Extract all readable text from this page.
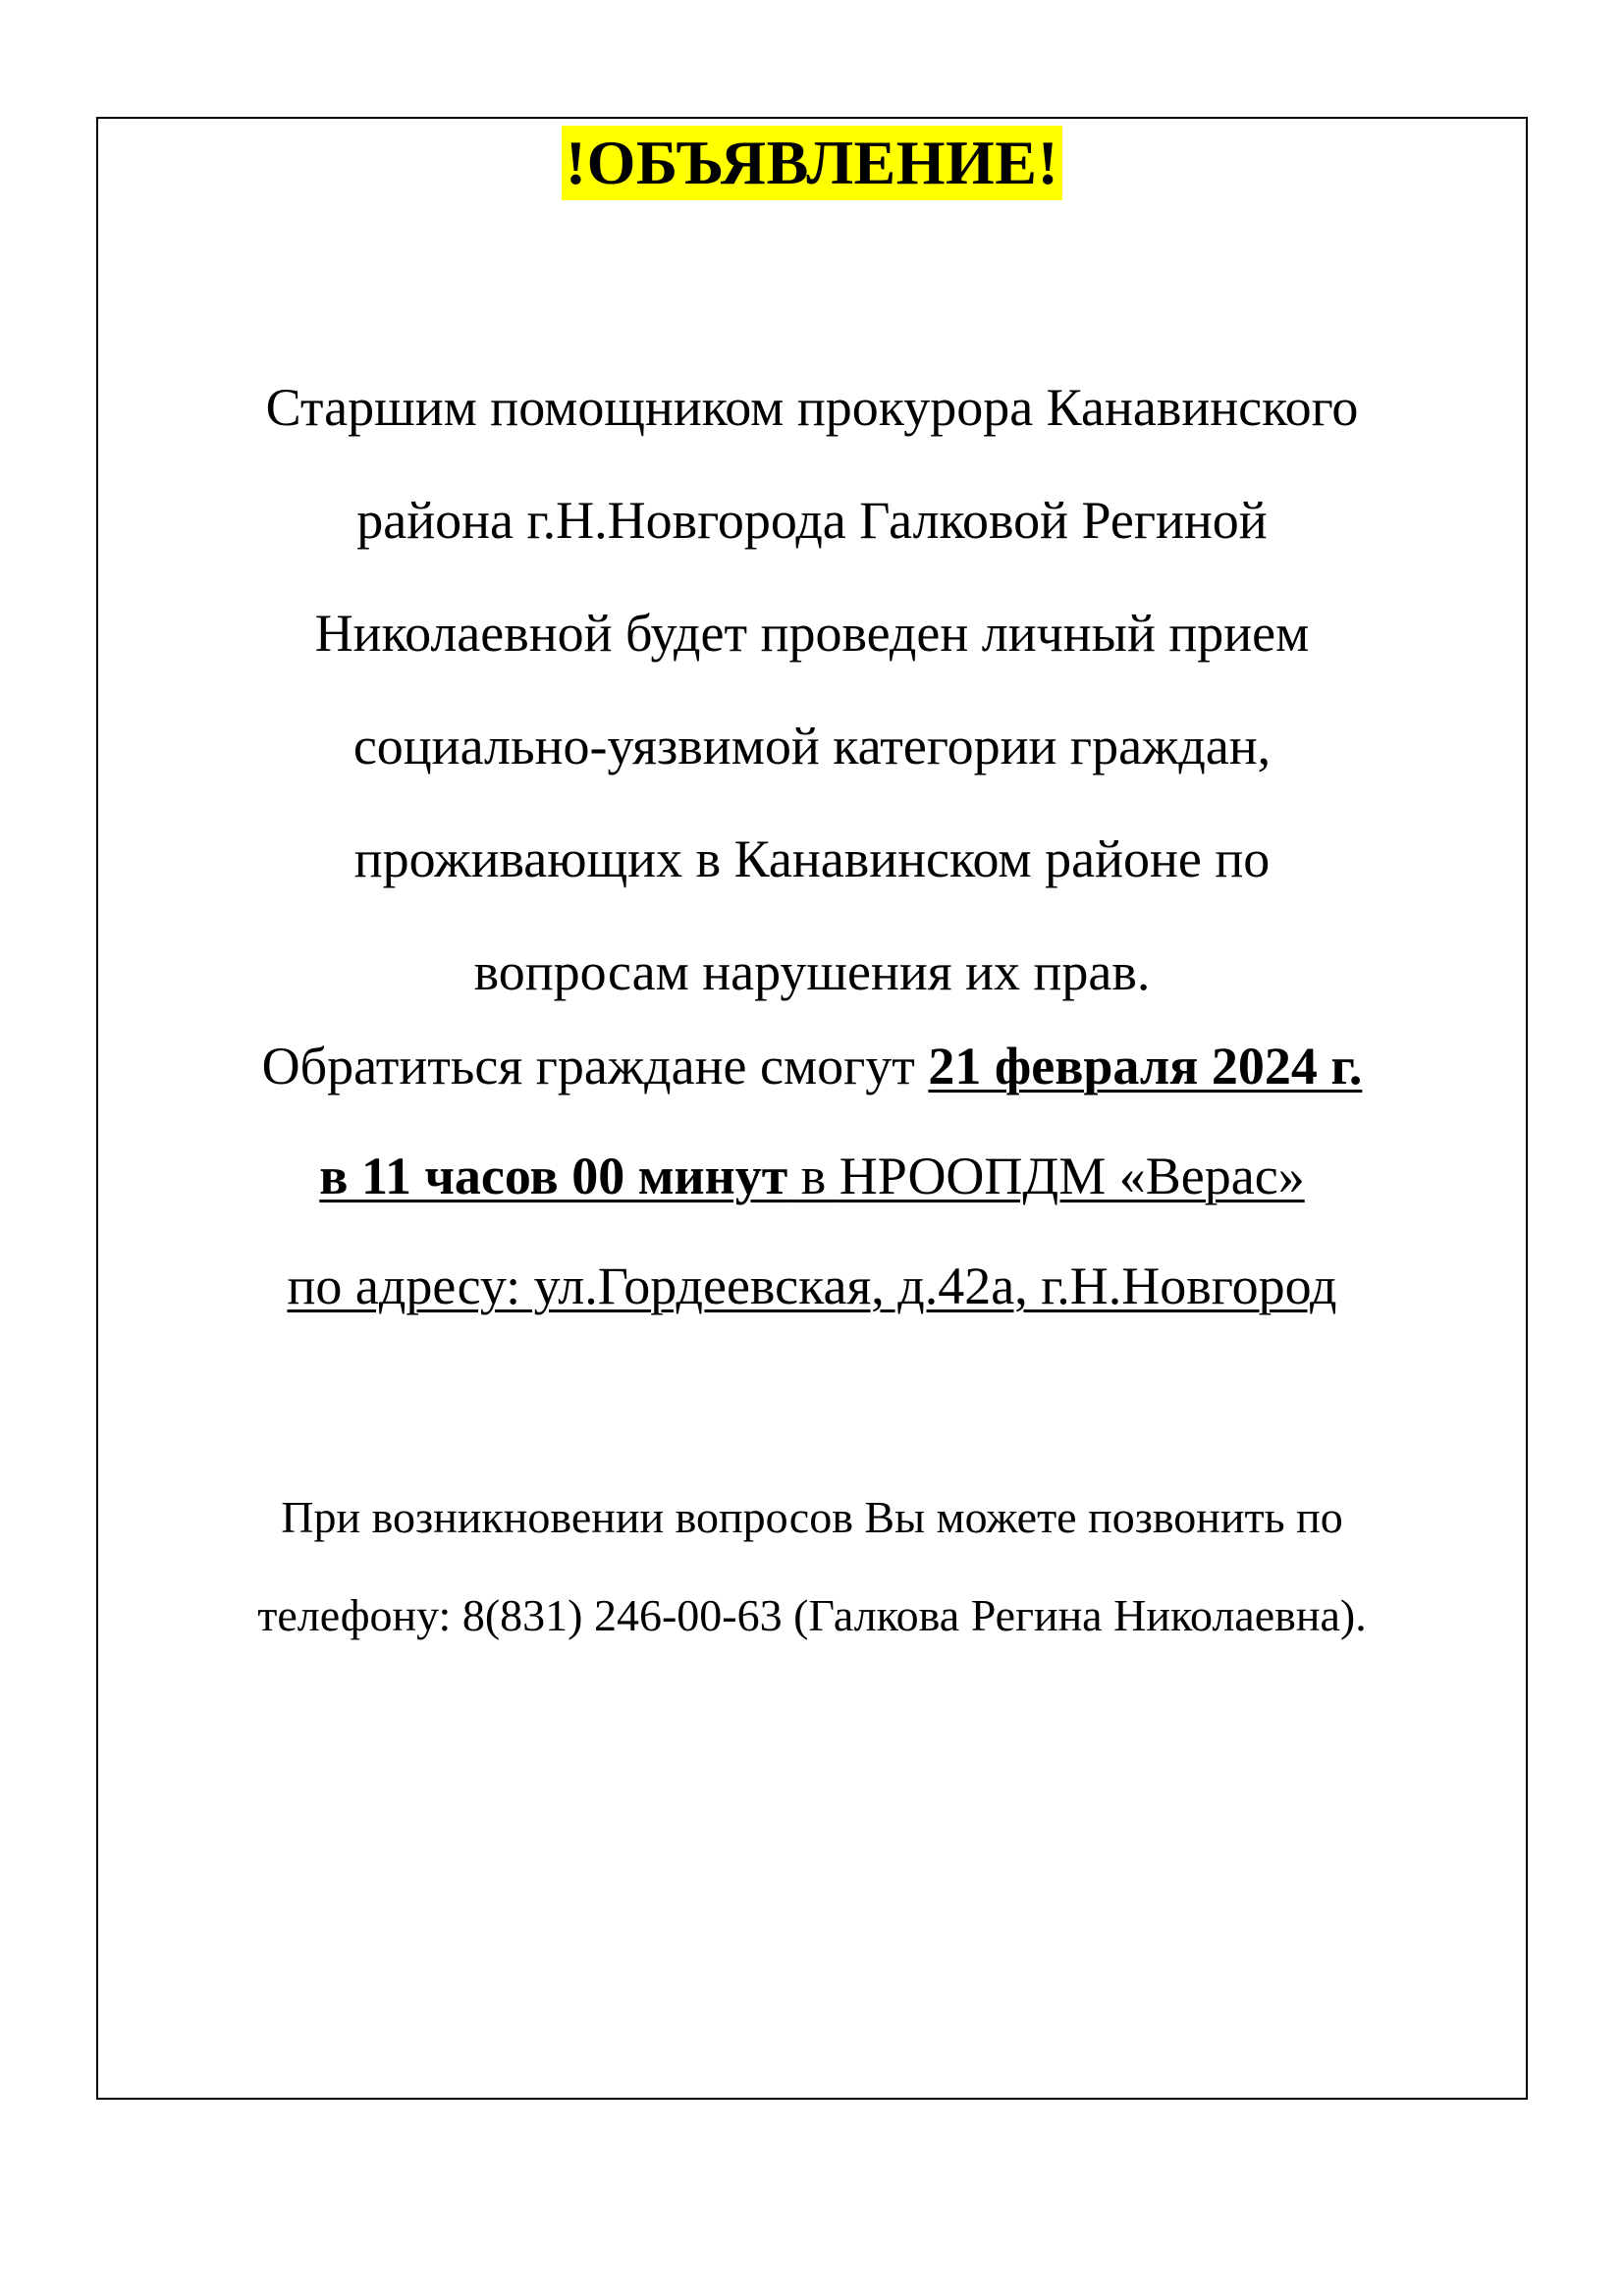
!ОБЪЯВЛЕНИЕ!
Старшим помощником прокурора Канавинского
района г.Н.Новгорода Галковой Региной
Николаевной будет проведен личный прием
социально-уязвимой категории граждан,
проживающих в Канавинском районе по
вопросам нарушения их прав.
Обратиться граждане смогут 21 февраля 2024 г.
в 11 часов 00 минут в НРООПДМ «Верас»
по адресу: ул.Гордеевская, д.42а, г.Н.Новгород
При возникновении вопросов Вы можете позвонить по
телефону: 8(831) 246-00-63 (Галкова Регина Николаевна).
